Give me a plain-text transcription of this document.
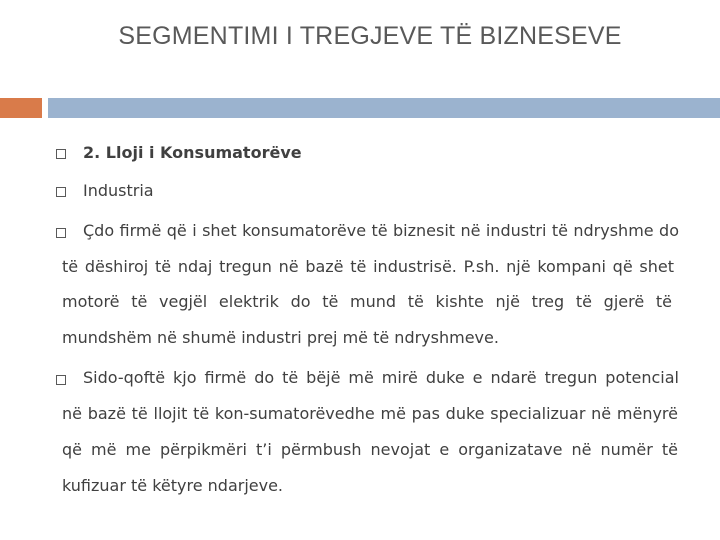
SEGMENTIMI I TREGJEVE TË BIZNESEVE
2. Lloji i Konsumatorëve
Industria
Çdo firmë që i shet konsumatorëve të biznesit në industri të ndryshme do
të dëshiroj të ndaj tregun në bazë të industrisë. P.sh. një kompani që shet
motorë të vegjël elektrik do të mund të kishte një treg të gjerë të
mundshëm në shumë industri prej më të ndryshmeve.
Sido-qoftë kjo firmë do të bëjë më mirë duke e ndarë tregun potencial
në bazë të llojit të kon-sumatorëvedhe më pas duke specializuar në mënyrë
që më me përpikmëri t’i përmbush nevojat e organizatave në numër të
kufizuar të këtyre ndarjeve.
